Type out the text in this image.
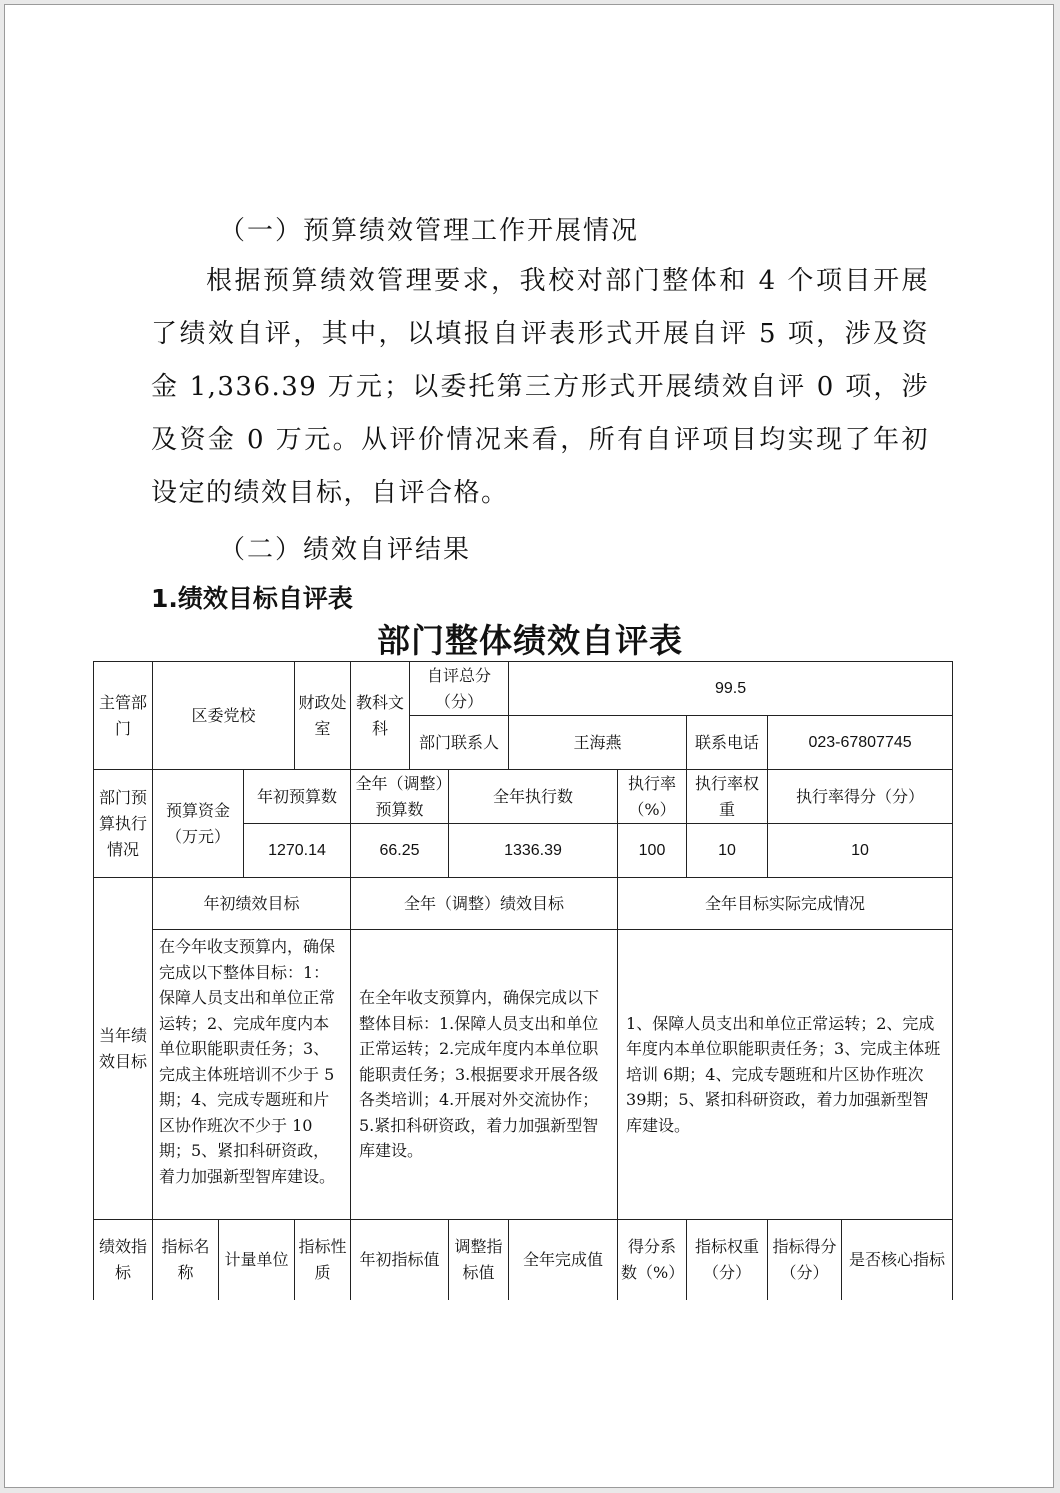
（一）预算绩效管理工作开展情况
根据预算绩效管理要求，我校对部门整体和 4 个项目开展了绩效自评，其中，以填报自评表形式开展自评 5 项，涉及资金 1,336.39 万元；以委托第三方形式开展绩效自评 0 项，涉及资金 0 万元。从评价情况来看，所有自评项目均实现了年初设定的绩效目标，自评合格。
（二）绩效自评结果
1.绩效目标自评表
部门整体绩效自评表
主管部门	区委党校			财政处室	教科文科	自评总分（分）		99.5				
						部门联系人		王海燕		联系电话	023-67807745	
部门预算执行情况	预算资金（万元）		年初预算数		全年（调整）预算数		全年执行数		执行率（%）	执行率权重	执行率得分（分）	
			1270.14		66.25		1336.39		100	10	10	
当年绩效目标	年初绩效目标				全年（调整）绩效目标				全年目标实际完成情况			
	在今年收支预算内，确保完成以下整体目标：1：保障人员支出和单位正常运转；2、完成年度内本单位职能职责任务；3、完成主体班培训不少于 5期；4、完成专题班和片区协作班次不少于 10期；5、紧扣科研资政，着力加强新型智库建设。				在全年收支预算内，确保完成以下整体目标：1.保障人员支出和单位正常运转；2.完成年度内本单位职能职责任务；3.根据要求开展各级各类培训；4.开展对外交流协作；5.紧扣科研资政，着力加强新型智库建设。				1、保障人员支出和单位正常运转；2、完成年度内本单位职能职责任务；3、完成主体班培训 6期；4、完成专题班和片区协作班次 39期；5、紧扣科研资政，着力加强新型智库建设。			
绩效指标	指标名称	计量单位		指标性质	年初指标值		调整指标值	全年完成值	得分系数（%）	指标权重（分）	指标得分（分）	是否核心指标
